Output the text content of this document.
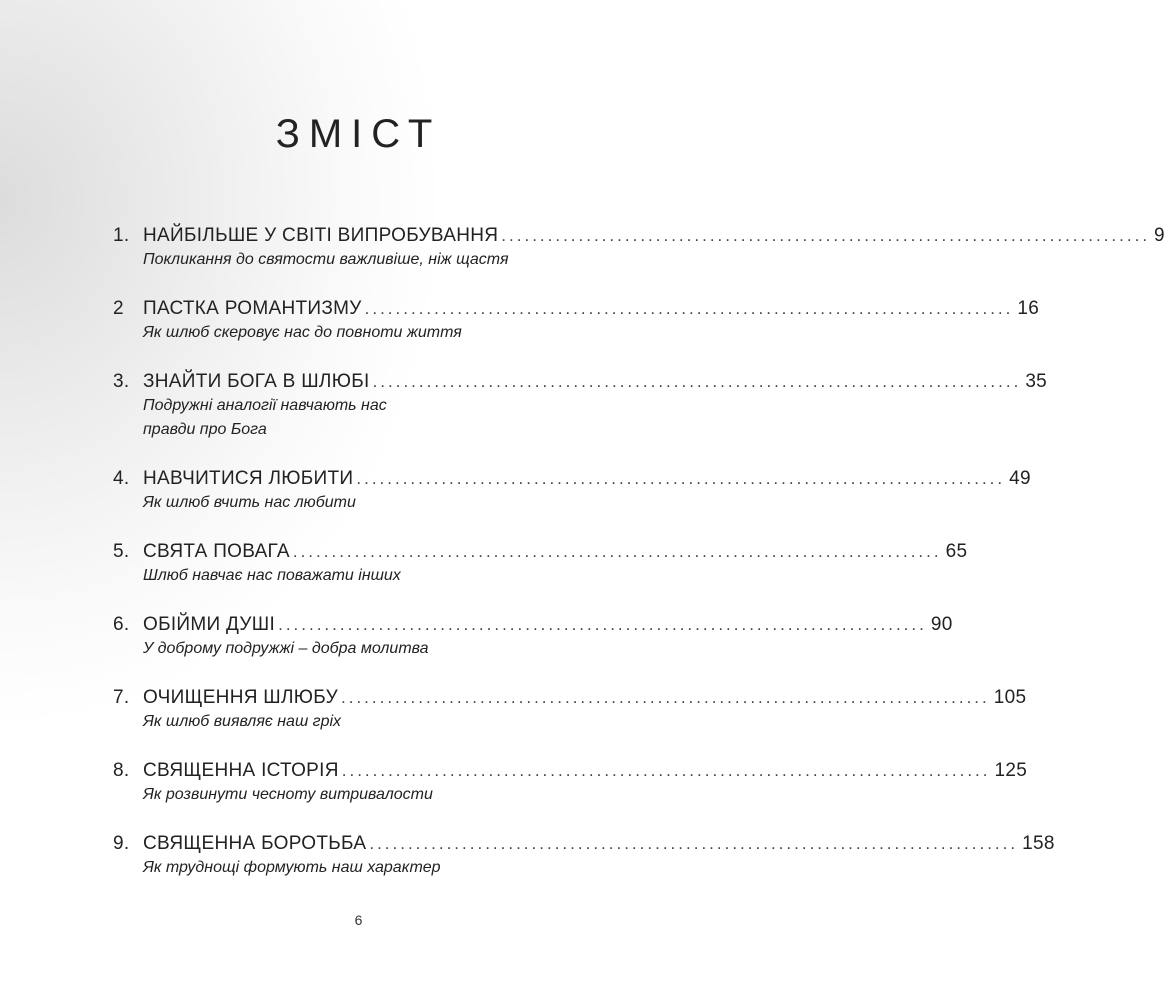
ЗМІСТ
1. НАЙБІЛЬШЕ У СВІТІ ВИПРОБУВАННЯ .................................................................................... 9
Покликання до святости важливіше, ніж щастя
2	ПАСТКА РОМАНТИЗМУ .................................................................................... 16
Як шлюб скеровує нас до повноти життя
3. ЗНАЙТИ БОГА В ШЛЮБІ .................................................................................... 35
Подружні аналогії навчають нас
правди про Бога
4. НАВЧИТИСЯ ЛЮБИТИ .................................................................................... 49
Як шлюб вчить нас любити
5. СВЯТА ПОВАГА .................................................................................... 65
Шлюб навчає нас поважати інших
6. ОБІЙМИ ДУШІ .................................................................................... 90
У доброму подружжі – добра молитва
7. ОЧИЩЕННЯ ШЛЮБУ .................................................................................... 105
Як шлюб виявляє наш гріх
8. СВЯЩЕННА ІСТОРІЯ .................................................................................... 125
Як розвинути чесноту витривалости
9. СВЯЩЕННА БОРОТЬБА .................................................................................... 158
Як труднощі формують наш характер
6
